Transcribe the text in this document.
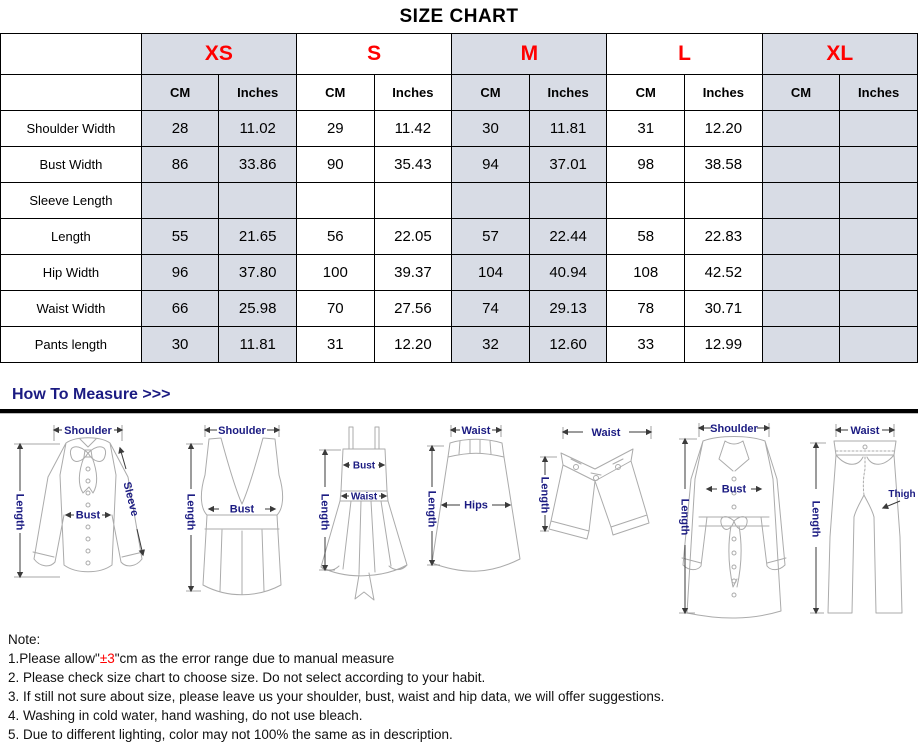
SIZE CHART
	XS		S		M		L		XL	
	CM	Inches	CM	Inches	CM	Inches	CM	Inches	CM	Inches
Shoulder Width	28	11.02	29	11.42	30	11.81	31	12.20		
Bust Width	86	33.86	90	35.43	94	37.01	98	38.58		
Sleeve Length										
Length	55	21.65	56	22.05	57	22.44	58	22.83		
Hip Width	96	37.80	100	39.37	104	40.94	108	42.52		
Waist Width	66	25.98	70	27.56	74	29.13	78	30.71		
Pants length	30	11.81	31	12.20	32	12.60	33	12.99		
How To Measure >>>
Shoulder
Length	Bust Sleeve
Shoulder
Length	Bust	Length
Bust
Waist
Waist
Length Hips
Waist
Length
Shoulder
Length
Bust
Waist
Length
Thigh
Note:
1.Please allow"±3"cm as the error range due to manual measure
2. Please check size chart to choose size. Do not select according to your habit.
3. If still not sure about size, please leave us your shoulder, bust, waist and hip data, we will offer suggestions.
4. Washing in cold water, hand washing, do not use bleach.
5. Due to different lighting, color may not 100% the same as in description.
